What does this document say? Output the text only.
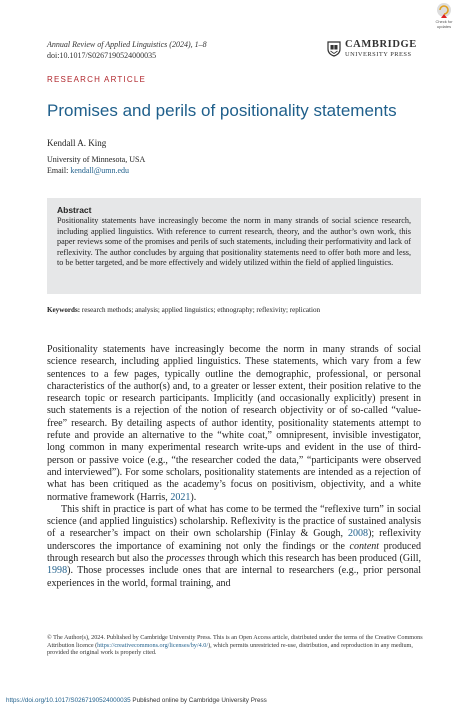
Annual Review of Applied Linguistics (2024), 1–8
doi:10.1017/S0267190524000035
CAMBRIDGE
UNIVERSITY PRESS
Check for updates
RESEARCH ARTICLE
Promises and perils of positionality statements
Kendall A. King
University of Minnesota, USA
Email: kendall@umn.edu
Abstract
Positionality statements have increasingly become the norm in many strands of social science research, including applied linguistics. With reference to current research, theory, and the author’s own work, this paper reviews some of the promises and perils of such statements, including their performativity and lack of reflexivity. The author concludes by arguing that positionality statements need to offer both more and less, to be better targeted, and be more effectively and widely utilized within the field of applied linguistics.
Keywords: research methods; analysis; applied linguistics; ethnography; reflexivity; replication

Positionality statements have increasingly become the norm in many strands of social science research, including applied linguistics. These statements, which vary from a few sentences to a few pages, typically outline the demographic, professional, or personal characteristics of the author(s) and, to a greater or lesser extent, their position relative to the research topic or research participants. Implicitly (and occasionally explicitly) present in such statements is a rejection of the notion of research objectivity or of so-called “value-free” research. By detailing aspects of author identity, positionality statements attempt to refute and provide an alternative to the “white coat,” omnipresent, invisible investigator, long common in many experimental research write-ups and evident in the use of third-person or passive voice (e.g., “the researcher coded the data,” “participants were observed and interviewed”). For some scholars, positionality statements are intended as a rejection of what has been critiqued as the academy’s focus on positivism, objectivity, and a white normative framework (Harris, 2021).

This shift in practice is part of what has come to be termed the “reflexive turn” in social science (and applied linguistics) scholarship. Reflexivity is the practice of sustained analysis of a researcher’s impact on their own scholarship (Finlay & Gough, 2008); reflexivity underscores the importance of examining not only the findings or the content produced through research but also the processes through which this research has been produced (Gill, 1998). Those processes include ones that are internal to researchers (e.g., prior personal experiences in the world, formal training, and

© The Author(s), 2024. Published by Cambridge University Press. This is an Open Access article, distributed under the terms of the Creative Commons Attribution licence (https://creativecommons.org/licenses/by/4.0/), which permits unrestricted re-use, distribution, and reproduction in any medium, provided the original work is properly cited.
https://doi.org/10.1017/S0267190524000035 Published online by Cambridge University Press
